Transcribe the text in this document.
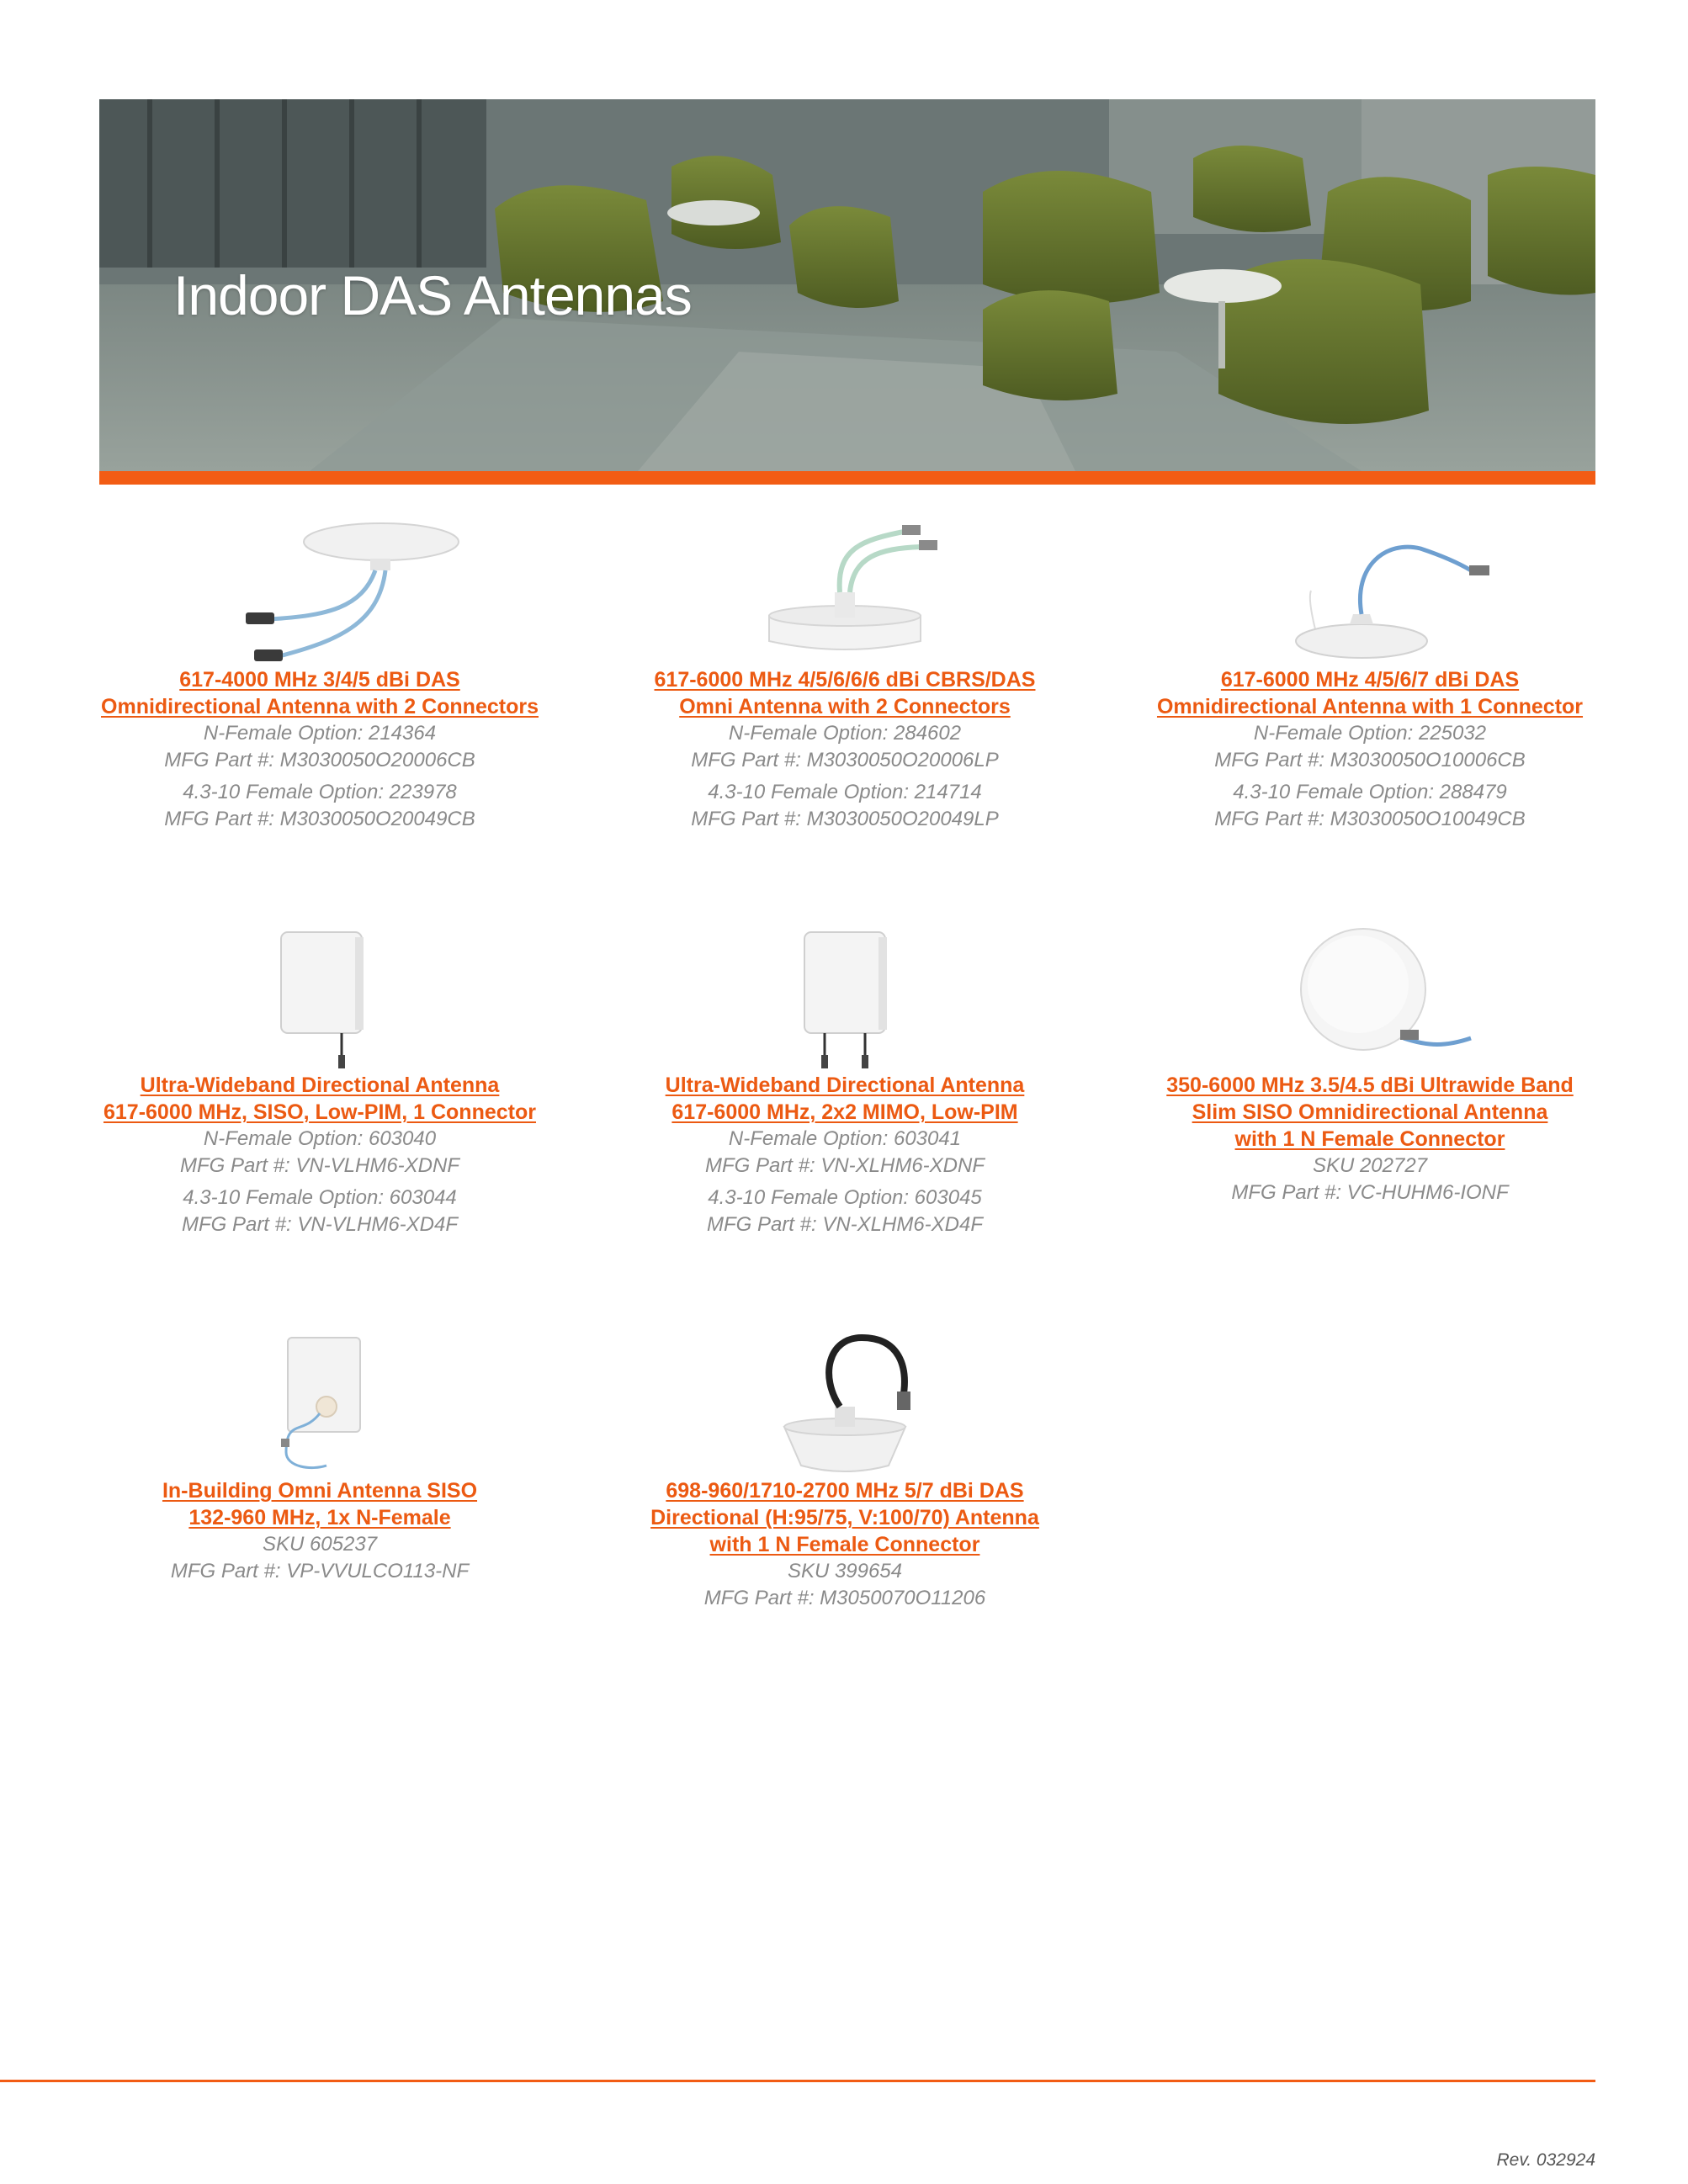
Indoor DAS Antennas
617-4000 MHz 3/4/5 dBi DAS
Omnidirectional Antenna with 2 Connectors
N-Female Option: 214364
MFG Part #: M3030050O20006CB
4.3-10 Female Option: 223978
MFG Part #: M3030050O20049CB
617-6000 MHz 4/5/6/6/6 dBi CBRS/DAS
Omni Antenna with 2 Connectors
N-Female Option: 284602
MFG Part #: M3030050O20006LP
4.3-10 Female Option: 214714
MFG Part #: M3030050O20049LP
617-6000 MHz 4/5/6/7 dBi DAS
Omnidirectional Antenna with 1 Connector
N-Female Option: 225032
MFG Part #: M3030050O10006CB
4.3-10 Female Option: 288479
MFG Part #: M3030050O10049CB
Ultra-Wideband Directional Antenna
617-6000 MHz, SISO, Low-PIM, 1 Connector
N-Female Option: 603040
MFG Part #: VN-VLHM6-XDNF
4.3-10 Female Option: 603044
MFG Part #: VN-VLHM6-XD4F
Ultra-Wideband Directional Antenna
617-6000 MHz, 2x2 MIMO, Low-PIM
N-Female Option: 603041
MFG Part #: VN-XLHM6-XDNF
4.3-10 Female Option: 603045
MFG Part #: VN-XLHM6-XD4F
350-6000 MHz 3.5/4.5 dBi Ultrawide Band
Slim SISO Omnidirectional Antenna
with 1 N Female Connector
SKU 202727
MFG Part #: VC-HUHM6-IONF
In-Building Omni Antenna SISO
132-960 MHz, 1x N-Female
SKU 605237
MFG Part #: VP-VVULCO113-NF
698-960/1710-2700 MHz 5/7 dBi DAS
Directional (H:95/75, V:100/70) Antenna
with 1 N Female Connector
SKU 399654
MFG Part #: M3050070O11206
Rev. 032924
